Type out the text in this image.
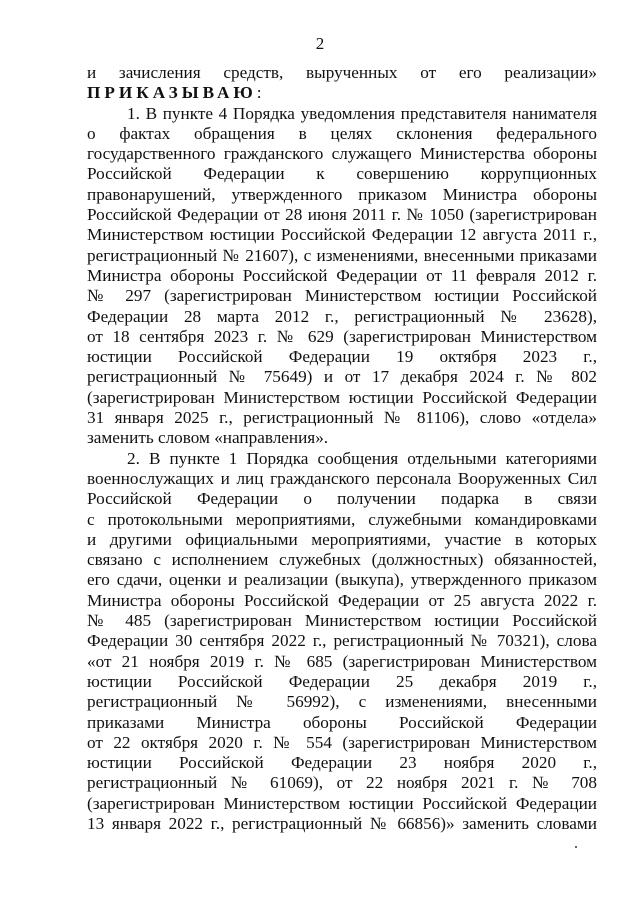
2
и зачисления средств, вырученных от его реализации»
ПРИКАЗЫВАЮ:
1. В пункте 4 Порядка уведомления представителя нанимателя
о фактах обращения в целях склонения федерального
государственного гражданского служащего Министерства обороны
Российской Федерации к совершению коррупционных
правонарушений, утвержденного приказом Министра обороны
Российской Федерации от 28 июня 2011 г. № 1050 (зарегистрирован
Министерством юстиции Российской Федерации 12 августа 2011 г.,
регистрационный № 21607), с изменениями, внесенными приказами
Министра обороны Российской Федерации от 11 февраля 2012 г.
№ 297 (зарегистрирован Министерством юстиции Российской
Федерации 28 марта 2012 г., регистрационный № 23628),
от 18 сентября 2023 г. № 629 (зарегистрирован Министерством
юстиции Российской Федерации 19 октября 2023 г.,
регистрационный № 75649) и от 17 декабря 2024 г. № 802
(зарегистрирован Министерством юстиции Российской Федерации
31 января 2025 г., регистрационный № 81106), слово «отдела»
заменить словом «направления».
2. В пункте 1 Порядка сообщения отдельными категориями
военнослужащих и лиц гражданского персонала Вооруженных Сил
Российской Федерации о получении подарка в связи
с протокольными мероприятиями, служебными командировками
и другими официальными мероприятиями, участие в которых
связано с исполнением служебных (должностных) обязанностей,
его сдачи, оценки и реализации (выкупа), утвержденного приказом
Министра обороны Российской Федерации от 25 августа 2022 г.
№ 485 (зарегистрирован Министерством юстиции Российской
Федерации 30 сентября 2022 г., регистрационный № 70321), слова
«от 21 ноября 2019 г. № 685 (зарегистрирован Министерством
юстиции Российской Федерации 25 декабря 2019 г.,
регистрационный № 56992), с изменениями, внесенными
приказами Министра обороны Российской Федерации
от 22 октября 2020 г. № 554 (зарегистрирован Министерством
юстиции Российской Федерации 23 ноября 2020 г.,
регистрационный № 61069), от 22 ноября 2021 г. № 708
(зарегистрирован Министерством юстиции Российской Федерации
13 января 2022 г., регистрационный № 66856)» заменить словами
